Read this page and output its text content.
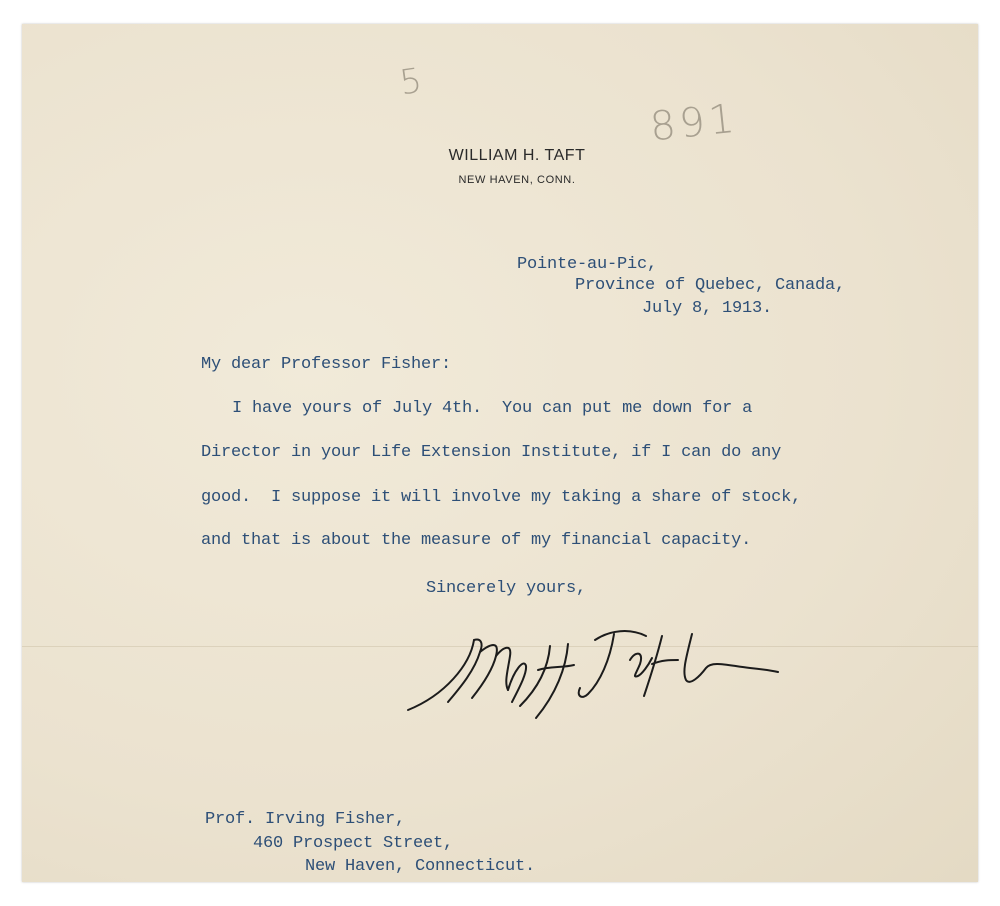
5
891
WILLIAM H. TAFT
NEW HAVEN, CONN.
Pointe-au-Pic,
Province of Quebec, Canada,
July 8, 1913.
My dear Professor Fisher:
I have yours of July 4th.  You can put me down for a
Director in your Life Extension Institute, if I can do any
good.  I suppose it will involve my taking a share of stock,
and that is about the measure of my financial capacity.
Sincerely yours,
Prof. Irving Fisher,
460 Prospect Street,
New Haven, Connecticut.
